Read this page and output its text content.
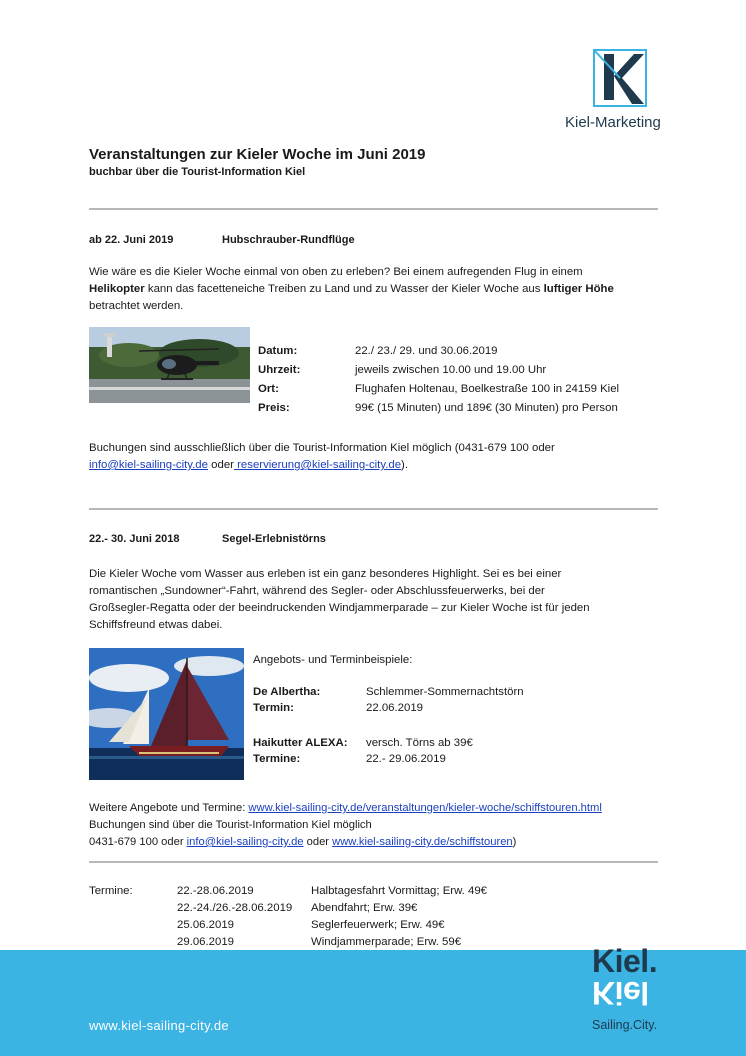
Kiel-Marketing
Veranstaltungen zur Kieler Woche im Juni 2019
buchbar über die Tourist-Information Kiel
ab 22. Juni 2019	Hubschrauber-Rundflüge
Wie wäre es die Kieler Woche einmal von oben zu erleben? Bei einem aufregenden Flug in einem
Helikopter kann das facetteneiche Treiben zu Land und zu Wasser der Kieler Woche aus luftiger Höhe
betrachtet werden.
Datum:	22./ 23./ 29. und 30.06.2019
Uhrzeit:	jeweils zwischen 10.00 und 19.00 Uhr
Ort:	Flughafen Holtenau, Boelkestraße 100 in 24159 Kiel
Preis:	99€ (15 Minuten) und 189€ (30 Minuten) pro Person
Buchungen sind ausschließlich über die Tourist-Information Kiel möglich (0431-679 100 oder
info@kiel-sailing-city.de oder reservierung@kiel-sailing-city.de).
22.- 30. Juni 2018	Segel-Erlebnistörns
Die Kieler Woche vom Wasser aus erleben ist ein ganz besonderes Highlight. Sei es bei einer
romantischen „Sundowner“-Fahrt, während des Segler- oder Abschlussfeuerwerks, bei der
Großsegler-Regatta oder der beeindruckenden Windjammerparade – zur Kieler Woche ist für jeden
Schiffsfreund etwas dabei.
Angebots- und Terminbeispiele:
De Albertha:	Schlemmer-Sommernachtstörn
Termin:	22.06.2019
Haikutter ALEXA: versch. Törns ab 39€
Termine:	22.- 29.06.2019
Weitere Angebote und Termine: www.kiel-sailing-city.de/veranstaltungen/kieler-woche/schiffstouren.html
Buchungen sind über die Tourist-Information Kiel möglich
0431-679 100 oder info@kiel-sailing-city.de oder www.kiel-sailing-city.de/schiffstouren)
Termine:	22.-28.06.2019	Halbtagesfahrt Vormittag; Erw. 49€
22.-24./26.-28.06.2019 Abendfahrt; Erw. 39€
25.06.2019	Seglerfeuerwerk; Erw. 49€
29.06.2019	Windjammerparade; Erw. 59€
www.kiel-sailing-city.de
Kiel.
Kiel
Sailing.City.
